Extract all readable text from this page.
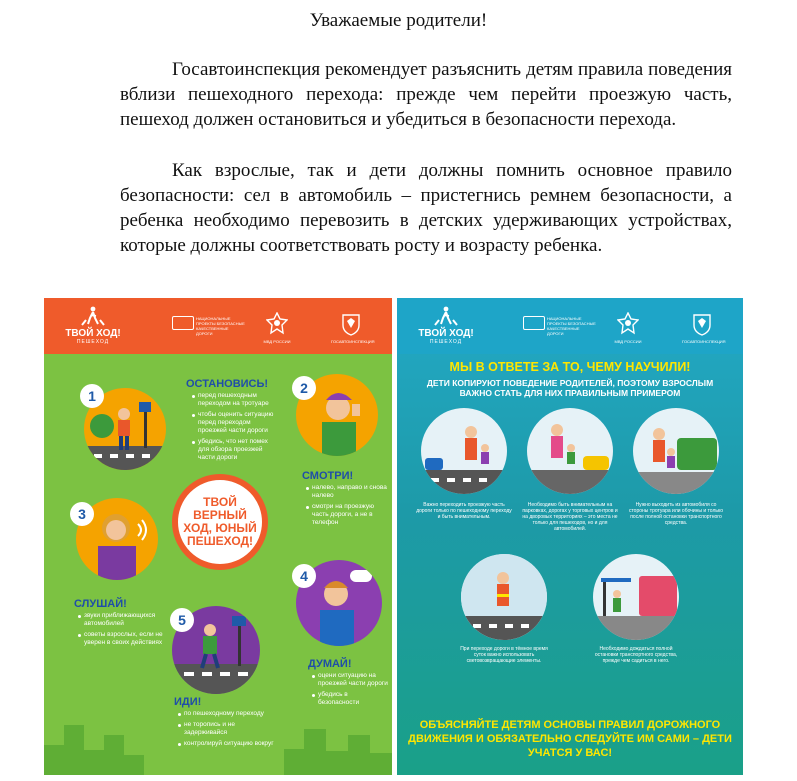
Уважаемые родители!

Госавтоинспекция рекомендует разъяснить детям правила поведения вблизи пешеходного перехода: прежде чем перейти проезжую часть, пешеход должен остановиться и убедиться в безопасности перехода.

Как взрослые, так и дети должны помнить основное правило безопасности: сел в автомобиль – пристегнись ремнем безопасности, а ребенка необходимо перевозить в детских удерживающих устройствах, которые должны соответствовать росту и возрасту ребенка.

ТВОЙ ХОД!
ПЕШЕХОД
НАЦИОНАЛЬНЫЕ ПРОЕКТЫ БЕЗОПАСНЫЕ КАЧЕСТВЕННЫЕ ДОРОГИ
МВД РОССИИ	ГОСАВТОИНСПЕКЦИЯ
1
ОСТАНОВИСЬ!
перед пешеходным переходом на тротуаре
чтобы оценить ситуацию перед переходом проезжей части дороги
убедись, что нет помех для обзора проезжей части дороги
2
СМОТРИ!
налево, направо и снова налево
смотри на проезжую часть дороги, а не в телефон
ТВОЙ ВЕРНЫЙ ХОД, ЮНЫЙ ПЕШЕХОД!
3
СЛУШАЙ!
звуки приближающихся автомобилей
советы взрослых, если не уверен в своих действиях
4
ДУМАЙ!
оцени ситуацию на проезжей части дороги
убедись в безопасности
5
ИДИ!
по пешеходному переходу
не торопись и не задерживайся
контролируй ситуацию вокруг
ТВОЙ ХОД!
ПЕШЕХОД
НАЦИОНАЛЬНЫЕ ПРОЕКТЫ БЕЗОПАСНЫЕ КАЧЕСТВЕННЫЕ ДОРОГИ
МВД РОССИИ	ГОСАВТОИНСПЕКЦИЯ
МЫ В ОТВЕТЕ ЗА ТО, ЧЕМУ НАУЧИЛИ!
ДЕТИ КОПИРУЮТ ПОВЕДЕНИЕ РОДИТЕЛЕЙ, ПОЭТОМУ ВЗРОСЛЫМ ВАЖНО СТАТЬ ДЛЯ НИХ ПРАВИЛЬНЫМ ПРИМЕРОМ
Важно переходить проезжую часть дороги только по пешеходному переходу и быть внимательным.
Необходимо быть внимательным на парковках, дорогах у торговых центров и на дворовых территориях – это места не только для пешеходов, но и для автомобилей.
Нужно выходить из автомобиля со стороны тротуара или обочины и только после полной остановки транспортного средства.
При переходе дороги в тёмное время суток важно использовать световозвращающие элементы.
Необходимо дождаться полной остановки транспортного средства, прежде чем садиться в него.
ОБЪЯСНЯЙТЕ ДЕТЯМ ОСНОВЫ ПРАВИЛ ДОРОЖНОГО ДВИЖЕНИЯ И ОБЯЗАТЕЛЬНО СЛЕДУЙТЕ ИМ САМИ – ДЕТИ УЧАТСЯ У ВАС!
